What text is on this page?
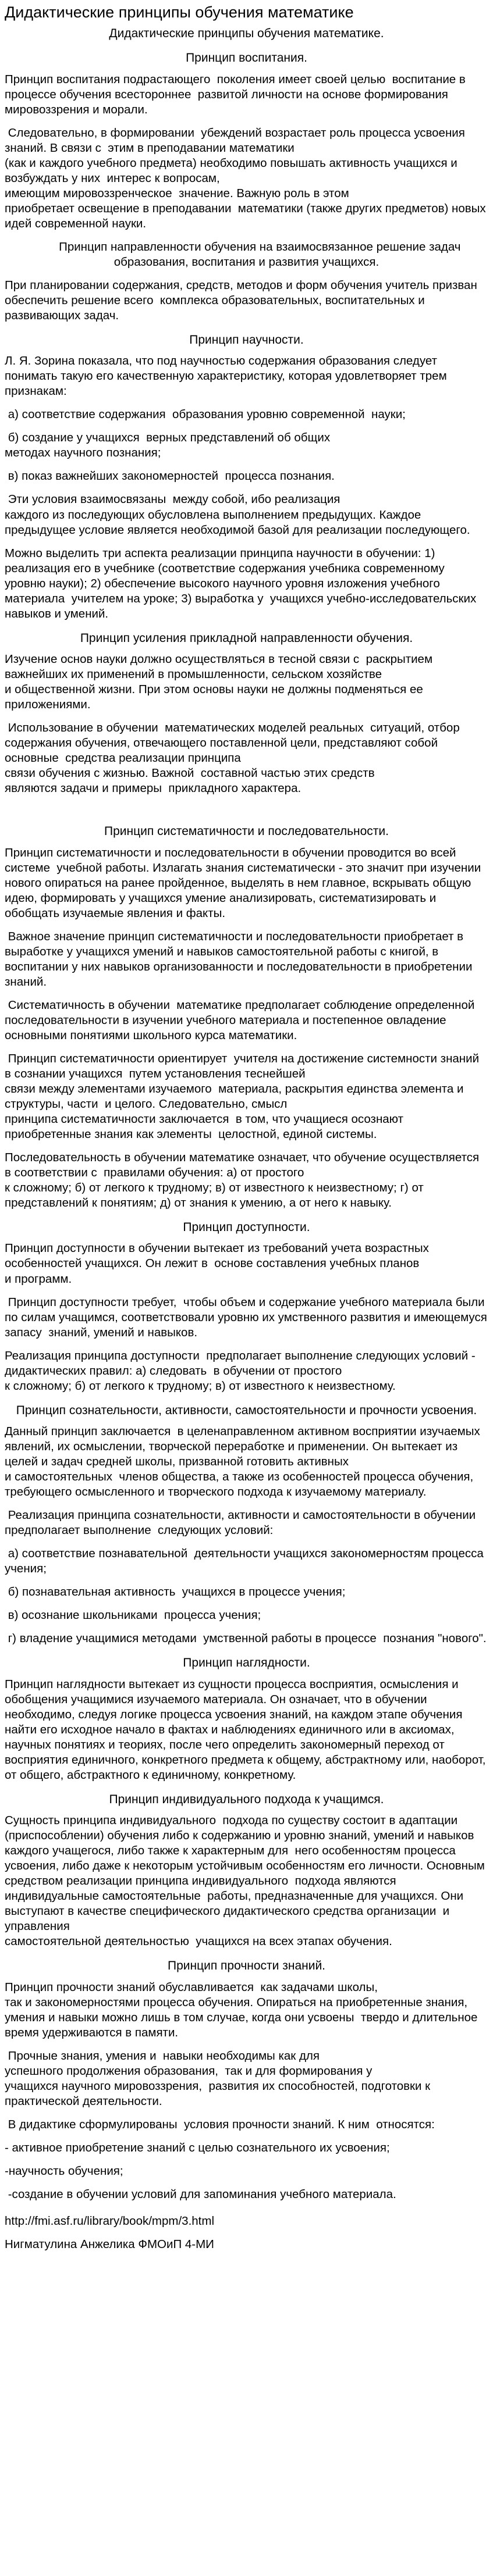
Дидактические принципы обучения математике
Дидактические принципы обучения математике.
Принцип воспитания.

Принцип воспитания подрастающего  поколения имеет своей целью  воспитание в процессе обучения всестороннее  развитой личности на основе формирования мировоззрения и морали.

Следовательно, в формировании  убеждений возрастает роль процесса усвоения знаний. В связи с  этим в преподавании математики
(как и каждого учебного предмета) необходимо повышать активность учащихся и возбуждать у них  интерес к вопросам,
имеющим мировоззренческое  значение. Важную роль в этом
приобретает освещение в преподавании  математики (также других предметов) новых идей современной науки.

Принцип направленности обучения на взаимосвязанное решение задач образования, воспитания и развития учащихся.

При планировании содержания, средств, методов и форм обучения учитель призван обеспечить решение всего  комплекса образовательных, воспитательных и развивающих задач.

Принцип научности.

Л. Я. Зорина показала, что под научностью содержания образования следует понимать такую его качественную характеристику, которая удовлетворяет трем признакам:

а) соответствие содержания  образования уровню современной  науки;

б) создание у учащихся  верных представлений об общих
методах научного познания;

в) показ важнейших закономерностей  процесса познания.

Эти условия взаимосвязаны  между собой, ибо реализация
каждого из последующих обусловлена выполнением предыдущих. Каждое предыдущее условие является необходимой базой для реализации последующего.

Можно выделить три аспекта реализации принципа научности в обучении: 1) реализация его в учебнике (соответствие содержания учебника современному уровню науки); 2) обеспечение высокого научного уровня изложения учебного материала  учителем на уроке; 3) выработка у  учащихся учебно-исследовательских  навыков и умений.

Принцип усиления прикладной направленности обучения.

Изучение основ науки должно осуществляться в тесной связи с  раскрытием важнейших их применений в промышленности, сельском хозяйстве
и общественной жизни. При этом основы науки не должны подменяться ее приложениями.

Использование в обучении  математических моделей реальных  ситуаций, отбор содержания обучения, отвечающего поставленной цели, представляют собой основные  средства реализации принципа
связи обучения с жизнью. Важной  составной частью этих средств
являются задачи и примеры  прикладного характера.

Принцип систематичности и последовательности.

Принцип систематичности и последовательности в обучении проводится во всей системе  учебной работы. Излагать знания систематически - это значит при изучении нового опираться на ранее пройденное, выделять в нем главное, вскрывать общую идею, формировать у учащихся умение анализировать, систематизировать и обобщать изучаемые явления и факты.

Важное значение принцип систематичности и последовательности приобретает в выработке у учащихся умений и навыков самостоятельной работы с книгой, в воспитании у них навыков организованности и последовательности в приобретении знаний.

Систематичность в обучении  математике предполагает соблюдение определенной последовательности в изучении учебного материала и постепенное овладение основными понятиями школьного курса математики.

Принцип систематичности ориентирует  учителя на достижение системности знаний в сознании учащихся  путем установления теснейшей
связи между элементами изучаемого  материала, раскрытия единства элемента и структуры, части  и целого. Следовательно, смысл
принципа систематичности заключается  в том, что учащиеся осознают приобретенные знания как элементы  целостной, единой системы.

Последовательность в обучении математике означает, что обучение осуществляется в соответствии с  правилами обучения: а) от простого
к сложному; б) от легкого к трудному; в) от известного к неизвестному; г) от представлений к понятиям; д) от знания к умению, а от него к навыку.

Принцип доступности.

Принцип доступности в обучении вытекает из требований учета возрастных особенностей учащихся. Он лежит в  основе составления учебных планов
и программ.

Принцип доступности требует,  чтобы объем и содержание учебного материала были по силам учащимся, соответствовали уровню их умственного развития и имеющемуся запасу  знаний, умений и навыков.

Реализация принципа доступности  предполагает выполнение следующих условий - дидактических правил: а) следовать  в обучении от простого
к сложному; б) от легкого к трудному; в) от известного к неизвестному.

Принцип сознательности, активности, самостоятельности и прочности усвоения.

Данный принцип заключается  в целенаправленном активном восприятии изучаемых явлений, их осмыслении, творческой переработке и применении. Он вытекает из целей и задач средней школы, призванной готовить активных
и самостоятельных  членов общества, а также из особенностей процесса обучения, требующего осмысленного и творческого подхода к изучаемому материалу.

Реализация принципа сознательности, активности и самостоятельности в обучении предполагает выполнение  следующих условий:

а) соответствие познавательной  деятельности учащихся закономерностям процесса учения;

б) познавательная активность  учащихся в процессе учения;

в) осознание школьниками  процесса учения;

г) владение учащимися методами  умственной работы в процессе  познания "нового".

Принцип наглядности.

Принцип наглядности вытекает из сущности процесса восприятия, осмысления и  обобщения учащимися изучаемого материала. Он означает, что в обучении необходимо, следуя логике процесса усвоения знаний, на каждом этапе обучения найти его исходное начало в фактах и наблюдениях единичного или в аксиомах, научных понятиях и теориях, после чего определить закономерный переход от восприятия единичного, конкретного предмета к общему, абстрактному или, наоборот, от общего, абстрактного к единичному, конкретному.

Принцип индивидуального подхода к учащимся.

Сущность принципа индивидуального  подхода по существу состоит в адаптации (приспособлении) обучения либо к содержанию и уровню знаний, умений и навыков каждого учащегося, либо также к характерным для  него особенностям процесса усвоения, либо даже к некоторым устойчивым особенностям его личности. Основным средством реализации принципа индивидуального  подхода являются индивидуальные самостоятельные  работы, предназначенные для учащихся. Они выступают в качестве специфического дидактического средства организации  и управления
самостоятельной деятельностью  учащихся на всех этапах обучения.

Принцип прочности знаний.

Принцип прочности знаний обуславливается  как задачами школы,
так и закономерностями процесса обучения. Опираться на приобретенные знания, умения и навыки можно лишь в том случае, когда они усвоены  твердо и длительное время удерживаются в памяти.

Прочные знания, умения и  навыки необходимы как для
успешного продолжения образования,  так и для формирования у
учащихся научного мировоззрения,  развития их способностей, подготовки к практической деятельности.

В дидактике сформулированы  условия прочности знаний. К ним  относятся:

- активное приобретение знаний с целью сознательного их усвоения;

-научность обучения;

-создание в обучении условий для запоминания учебного материала.

http://fmi.asf.ru/library/book/mpm/3.html

Нигматулина Анжелика ФМОиП 4-МИ
